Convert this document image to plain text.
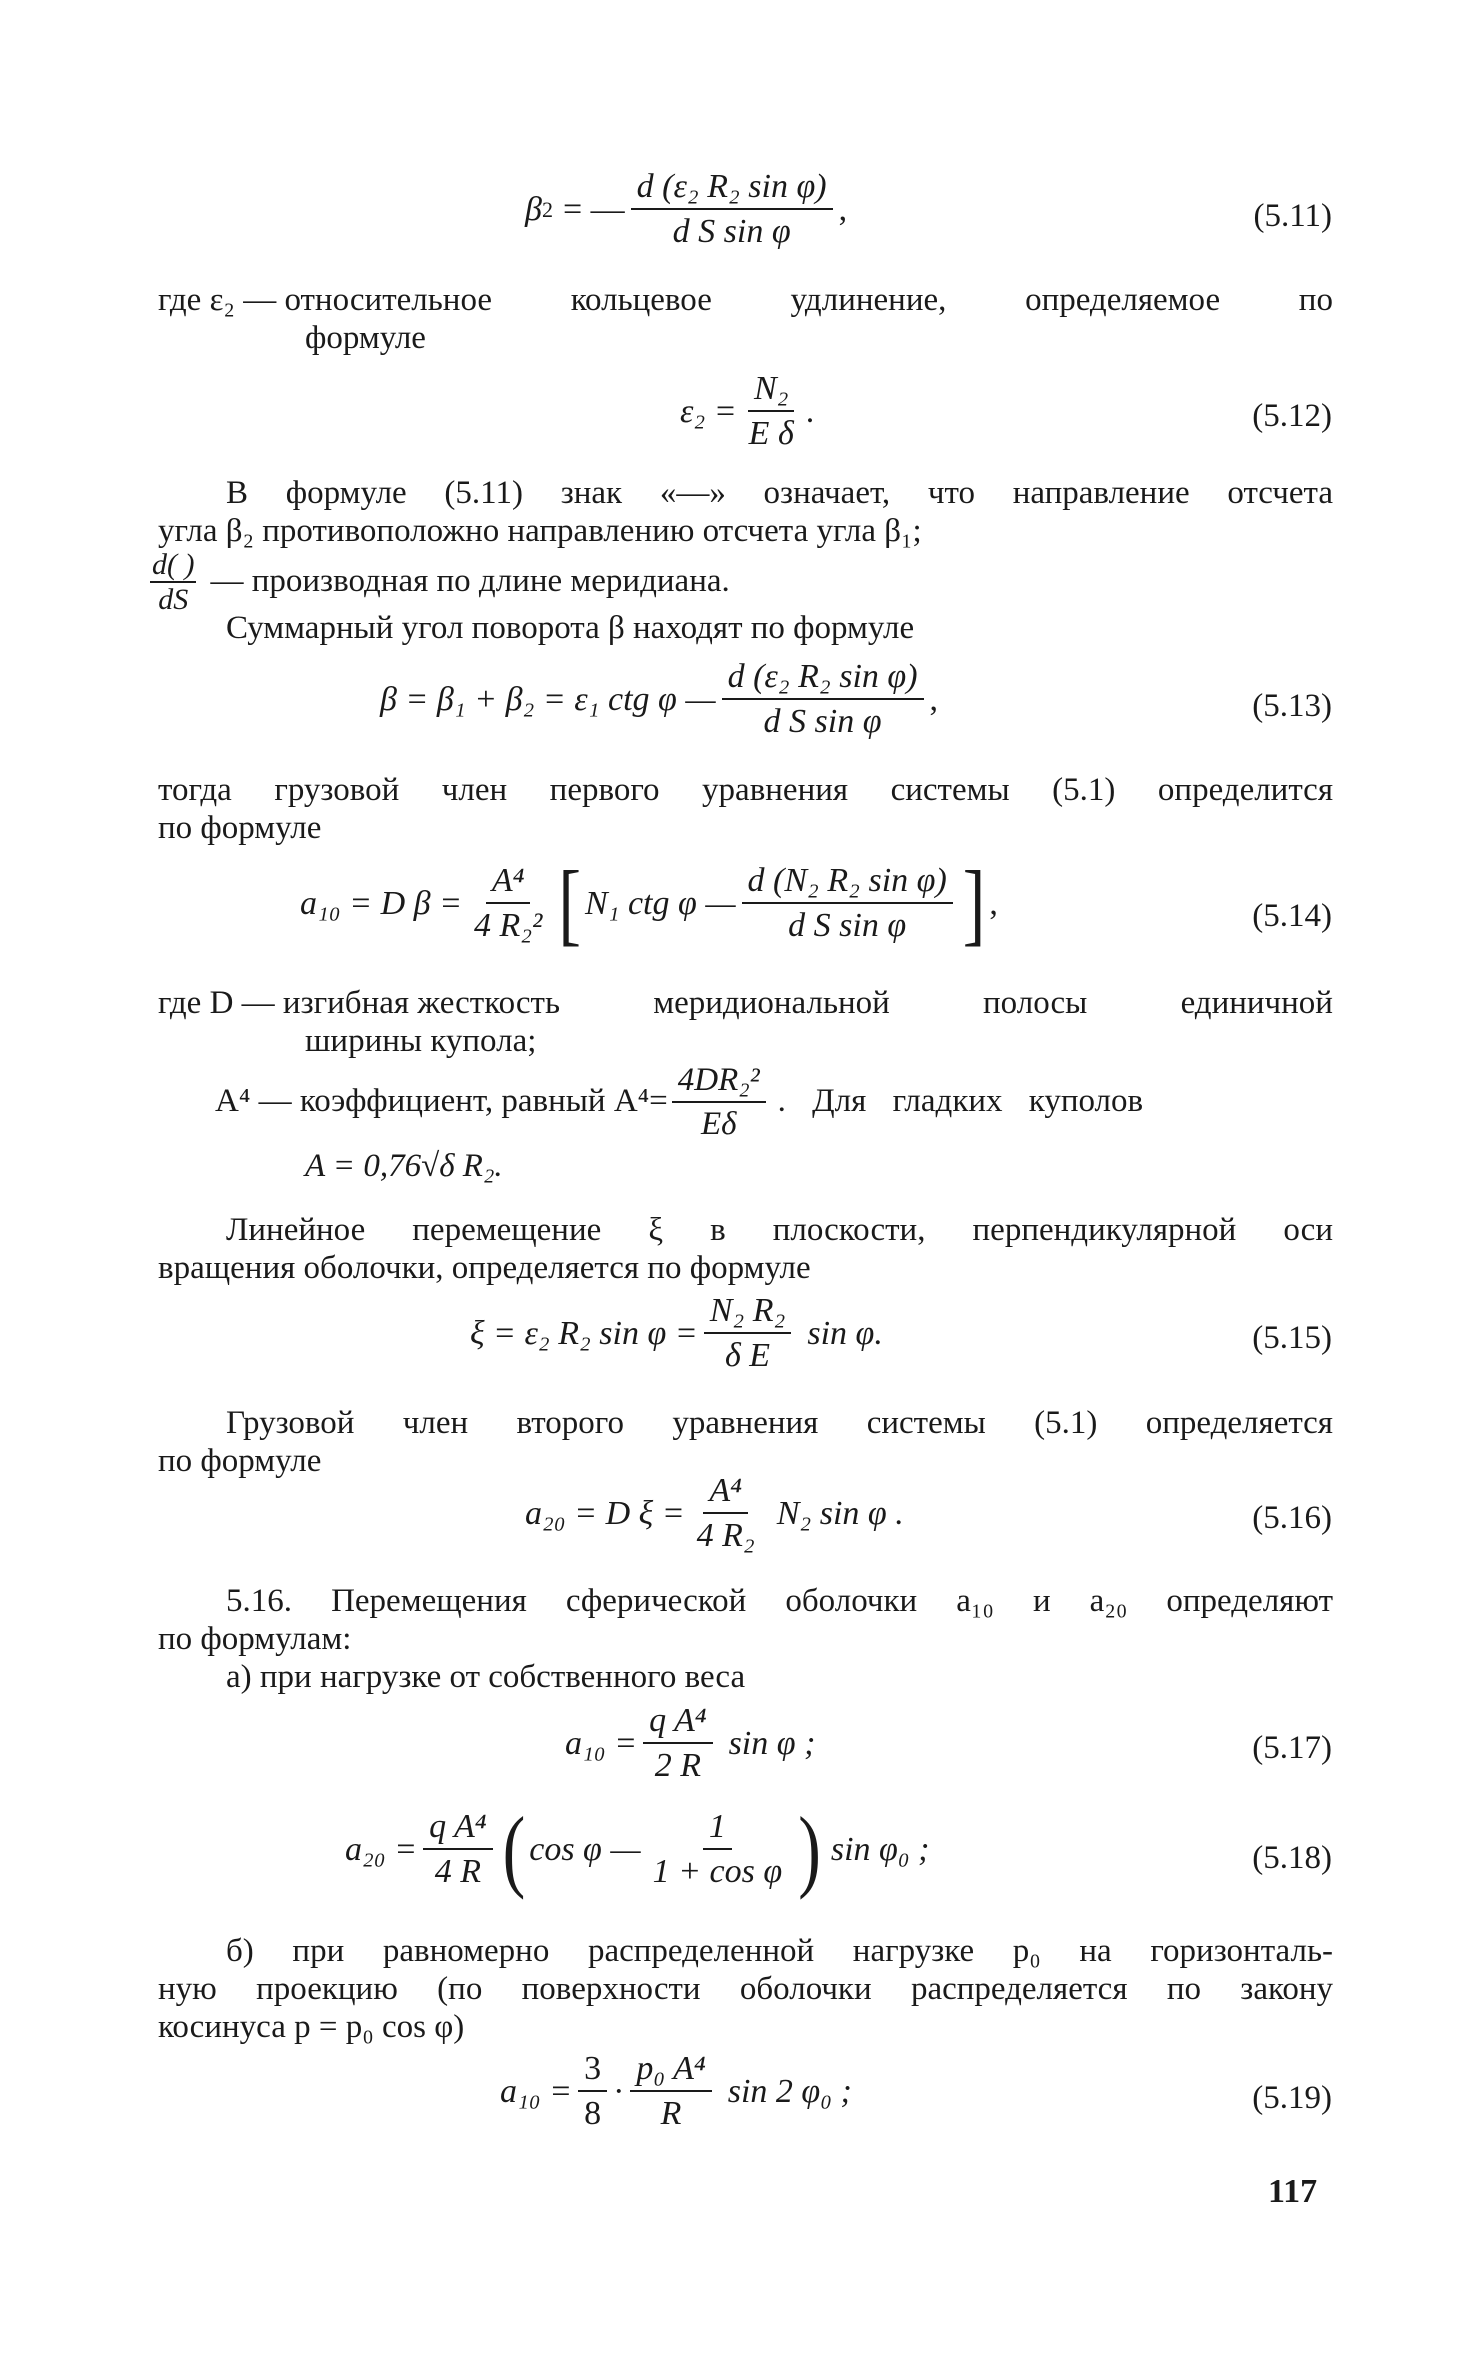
β 2 = — $\frac{\text{d (ε₂ R₂ sin φ)}}{\text{d S sin φ}}$ ,	(5.11)
где ε₂ — относительное кольцевое удлинение, определяемое по
формуле
$\varepsilon_2 = \frac{\text{N₂}}{\text{E δ}}$ .	(5.12)
В формуле (5.11) знак «—» означает, что направление отсчета
угла β₂ противоположно направлению отсчета угла β₁;
$\frac{d( )}{dS}$ — производная по длине меридиана.
Суммарный угол поворота β находят по формуле
β = β₁ + β₂ = ε₁ ctg φ — $\frac{\text{d (ε₂ R₂ sin φ)}}{\text{d S sin φ}}$ ,	(5.13)
тогда грузовой член первого уравнения системы (5.1) определится
по формуле
a₁₀ = D $\beta = \frac{\text{A⁴}}{\text{4 R₂²}}$ [ N₁ ctg φ — $\frac{\text{d (N₂ R₂ sin φ)}}{\text{d S sin φ}}$ ] ,	(5.14)
где D — изгибная жесткость	меридиональной	полосы	единичной
ширины купола;
A⁴ — коэффициент, равный $A^4= \frac{\text{4DR₂²}}{E\delta}$ . Для гладких куполов
A = 0,76√δ R₂.
Линейное перемещение ξ в плоскости, перпендикулярной оси
вращения оболочки, определяется по формуле
ξ = ε₂ R₂ $\sin \varphi = \frac{\text{N₂ R₂}}{\text{δ E}}$ sin φ.	(5.15)
Грузовой член второго уравнения системы (5.1) определяется
по формуле
a₂₀ = D $\xi = \frac{\text{A⁴}}{\text{4 R₂}} N_2$ sin φ .	(5.16)
5.16. Перемещения сферической оболочки a₁₀ и a₂₀ определяют
по формулам:
а) при нагрузке от собственного веса
$a_{10} = \frac{\text{q A⁴}}{2 R}$ sin φ ;	(5.17)
$a_{20} = \frac{\text{q A⁴}}{4 R}$ ( cos φ — $\frac{1}{\text{1 + cos φ}}$ ) sin φ₀ ;	(5.18)
б) при равномерно распределенной нагрузке p₀ на горизонталь-
ную проекцию (по поверхности оболочки распределяется по закону
косинуса p = p₀ cos φ)
$a_{10} = \frac{3}{8} \cdot \frac{\text{p₀ A⁴}}{R}$ sin 2 φ₀ ;	(5.19)
117
